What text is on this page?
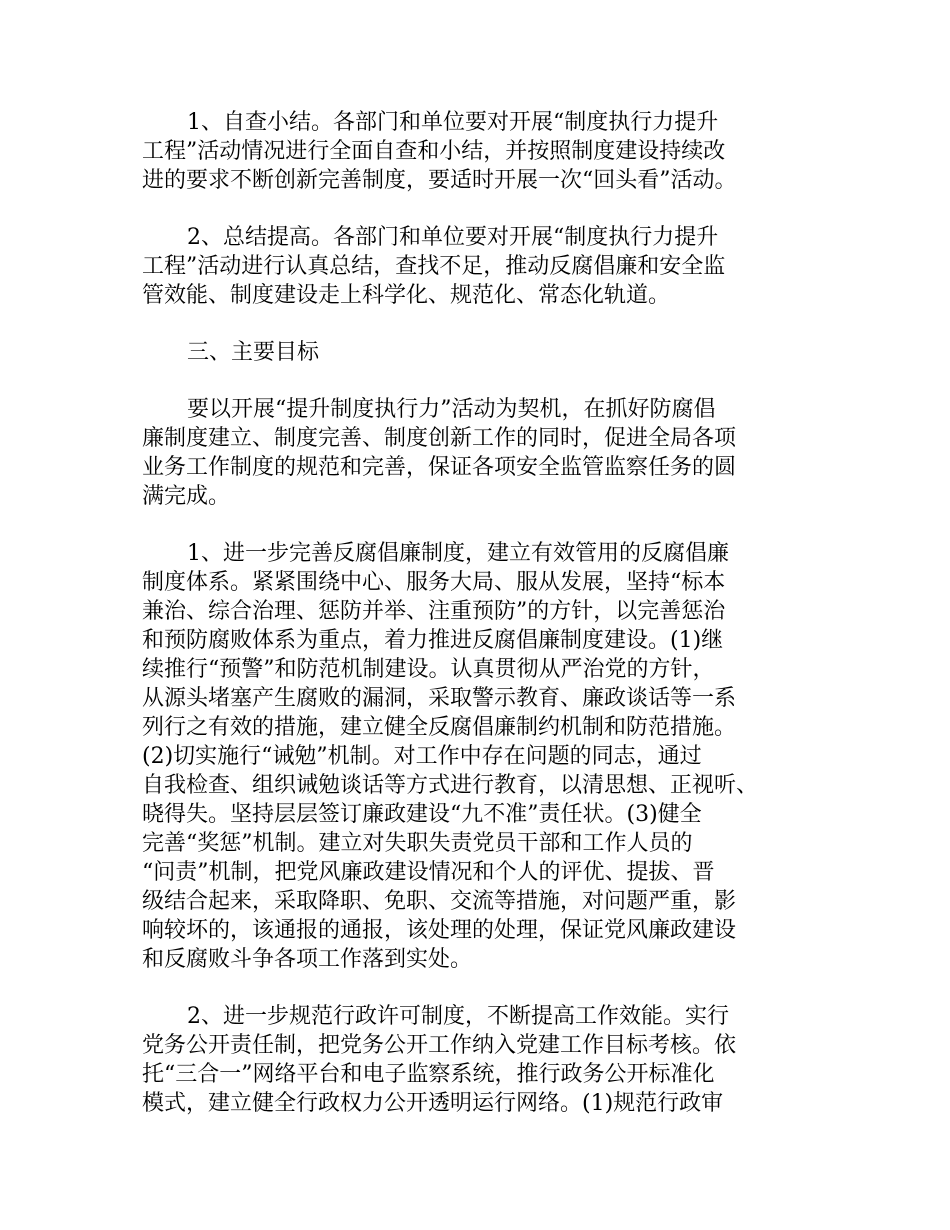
1、自查小结。各部门和单位要对开展“制度执行力提升
工程”活动情况进行全面自查和小结，并按照制度建设持续改
进的要求不断创新完善制度，要适时开展一次“回头看”活动。
2、总结提高。各部门和单位要对开展“制度执行力提升
工程”活动进行认真总结，查找不足，推动反腐倡廉和安全监
管效能、制度建设走上科学化、规范化、常态化轨道。
三、主要目标
要以开展“提升制度执行力”活动为契机，在抓好防腐倡
廉制度建立、制度完善、制度创新工作的同时，促进全局各项
业务工作制度的规范和完善，保证各项安全监管监察任务的圆
满完成。
1、进一步完善反腐倡廉制度，建立有效管用的反腐倡廉
制度体系。紧紧围绕中心、服务大局、服从发展，坚持“标本
兼治、综合治理、惩防并举、注重预防”的方针，以完善惩治
和预防腐败体系为重点，着力推进反腐倡廉制度建设。(1)继
续推行“预警”和防范机制建设。认真贯彻从严治党的方针，
从源头堵塞产生腐败的漏洞，采取警示教育、廉政谈话等一系
列行之有效的措施，建立健全反腐倡廉制约机制和防范措施。
(2)切实施行“诫勉”机制。对工作中存在问题的同志，通过
自我检查、组织诫勉谈话等方式进行教育，以清思想、正视听、
晓得失。坚持层层签订廉政建设“九不准”责任状。(3)健全
完善“奖惩”机制。建立对失职失责党员干部和工作人员的
“问责”机制，把党风廉政建设情况和个人的评优、提拔、晋
级结合起来，采取降职、免职、交流等措施，对问题严重，影
响较坏的，该通报的通报，该处理的处理，保证党风廉政建设
和反腐败斗争各项工作落到实处。
2、进一步规范行政许可制度，不断提高工作效能。实行
党务公开责任制，把党务公开工作纳入党建工作目标考核。依
托“三合一”网络平台和电子监察系统，推行政务公开标准化
模式，建立健全行政权力公开透明运行网络。(1)规范行政审
